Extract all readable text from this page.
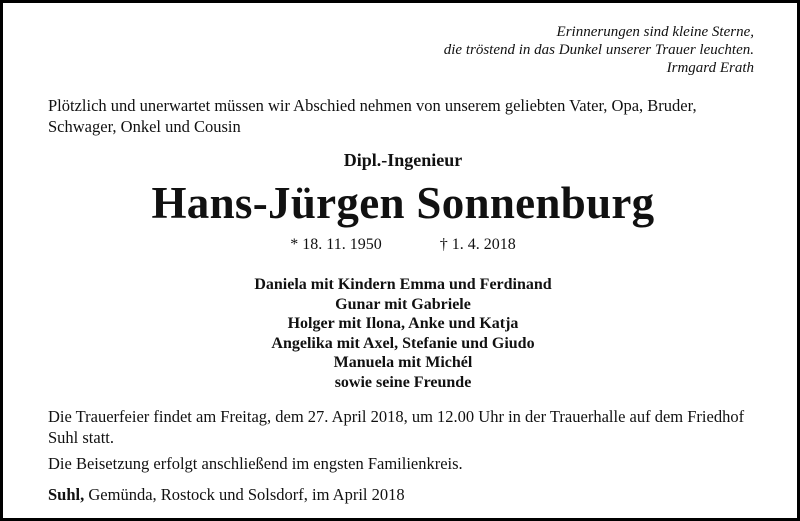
Erinnerungen sind kleine Sterne,
die tröstend in das Dunkel unserer Trauer leuchten.
Irmgard Erath
Plötzlich und unerwartet müssen wir Abschied nehmen von unserem geliebten Vater, Opa, Bruder, Schwager, Onkel und Cousin
Dipl.-Ingenieur
Hans-Jürgen Sonnenburg
* 18. 11. 1950	† 1. 4. 2018
Daniela mit Kindern Emma und Ferdinand
Gunar mit Gabriele
Holger mit Ilona, Anke und Katja
Angelika mit Axel, Stefanie und Giudo
Manuela mit Michél
sowie seine Freunde
Die Trauerfeier findet am Freitag, dem 27. April 2018, um 12.00 Uhr in der Trauerhalle auf dem Friedhof Suhl statt.
Die Beisetzung erfolgt anschließend im engsten Familienkreis.
Suhl, Gemünda, Rostock und Solsdorf, im April 2018
